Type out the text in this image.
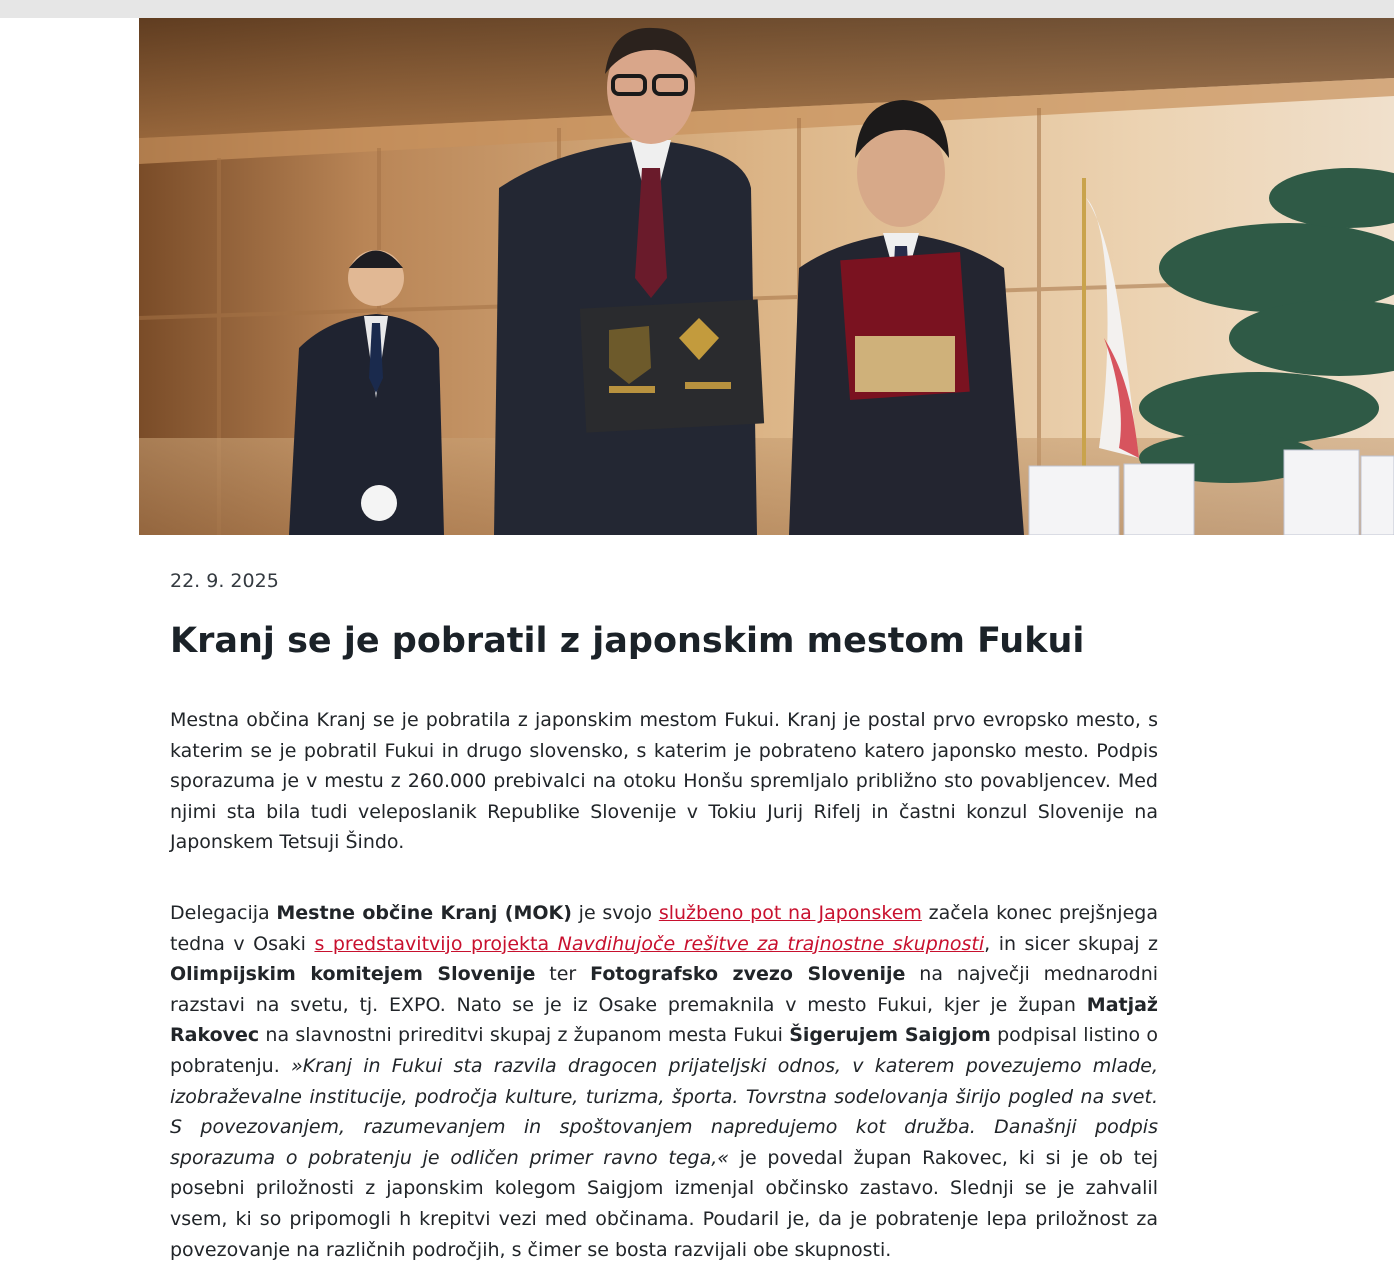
22. 9. 2025

Kranj se je pobratil z japonskim mestom Fukui

Mestna občina Kranj se je pobratila z japonskim mestom Fukui. Kranj je postal prvo evropsko mesto, s katerim se je pobratil Fukui in drugo slovensko, s katerim je pobrateno katero japonsko mesto. Podpis sporazuma je v mestu z 260.000 prebivalci na otoku Honšu spremljalo približno sto povabljencev. Med njimi sta bila tudi veleposlanik Republike Slovenije v Tokiu Jurij Rifelj in častni konzul Slovenije na Japonskem Tetsuji Šindo.

Delegacija Mestne občine Kranj (MOK) je svojo službeno pot na Japonskem začela konec prejšnjega tedna v Osaki s predstavitvijo projekta Navdihujoče rešitve za trajnostne skupnosti, in sicer skupaj z Olimpijskim komitejem Slovenije ter Fotografsko zvezo Slovenije na največji mednarodni razstavi na svetu, tj. EXPO. Nato se je iz Osake premaknila v mesto Fukui, kjer je župan Matjaž Rakovec na slavnostni prireditvi skupaj z županom mesta Fukui Šigerujem Saigjom podpisal listino o pobratenju. »Kranj in Fukui sta razvila dragocen prijateljski odnos, v katerem povezujemo mlade, izobraževalne institucije, področja kulture, turizma, športa. Tovrstna sodelovanja širijo pogled na svet. S povezovanjem, razumevanjem in spoštovanjem napredujemo kot družba. Današnji podpis sporazuma o pobratenju je odličen primer ravno tega,« je povedal župan Rakovec, ki si je ob tej posebni priložnosti z japonskim kolegom Saigjom izmenjal občinsko zastavo. Slednji se je zahvalil vsem, ki so pripomogli h krepitvi vezi med občinama. Poudaril je, da je pobratenje lepa priložnost za povezovanje na različnih področjih, s čimer se bosta razvijali obe skupnosti.
